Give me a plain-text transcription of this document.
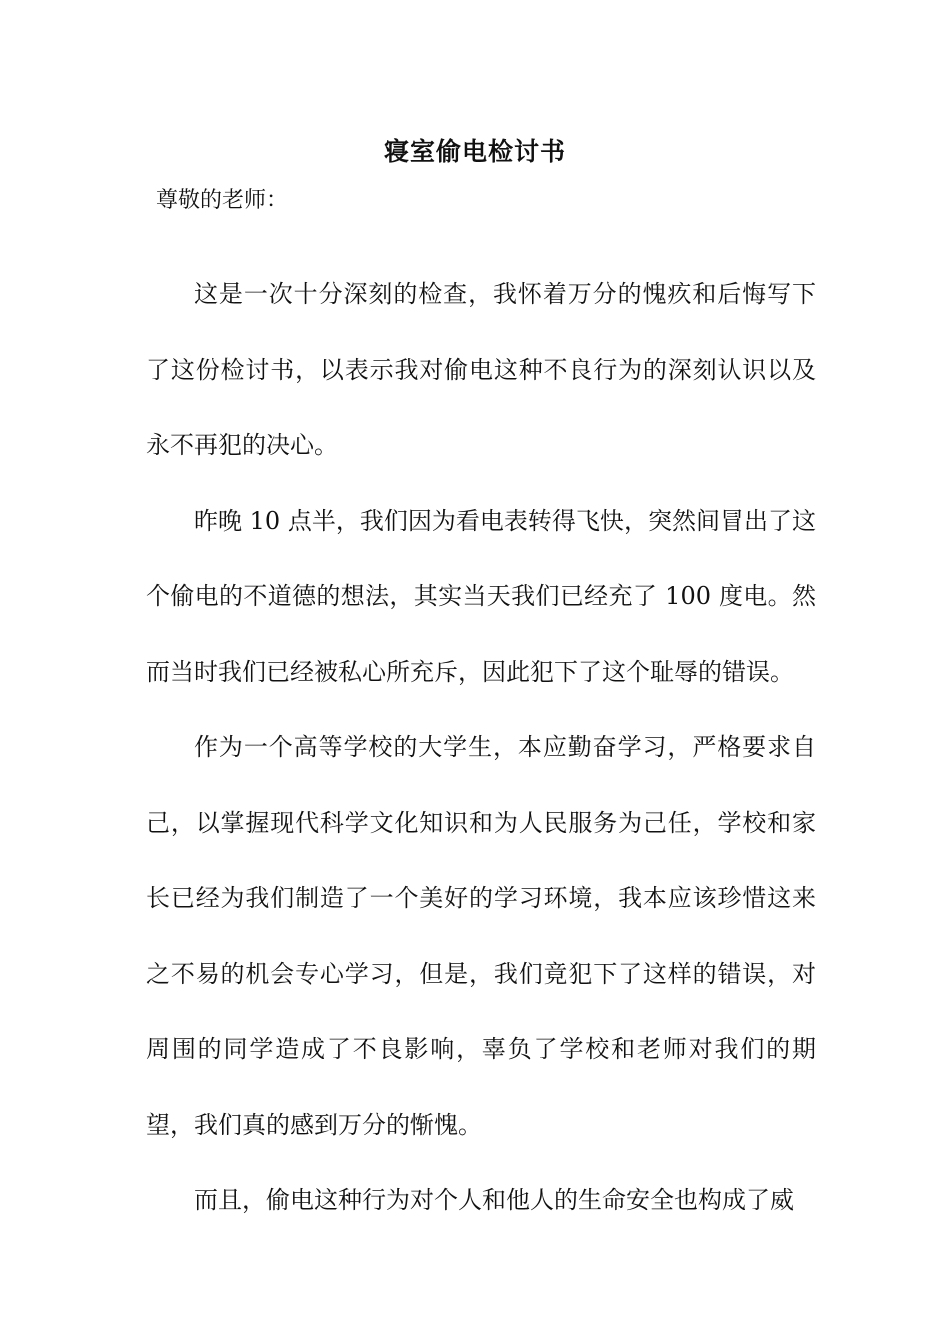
寝室偷电检讨书

尊敬的老师：

这是一次十分深刻的检查，我怀着万分的愧疚和后悔写下了这份检讨书，以表示我对偷电这种不良行为的深刻认识以及永不再犯的决心。

昨晚 10 点半，我们因为看电表转得飞快，突然间冒出了这个偷电的不道德的想法，其实当天我们已经充了 100 度电。然而当时我们已经被私心所充斥，因此犯下了这个耻辱的错误。

作为一个高等学校的大学生，本应勤奋学习，严格要求自己，以掌握现代科学文化知识和为人民服务为己任，学校和家长已经为我们制造了一个美好的学习环境，我本应该珍惜这来之不易的机会专心学习，但是，我们竟犯下了这样的错误，对周围的同学造成了不良影响，辜负了学校和老师对我们的期望，我们真的感到万分的惭愧。

而且，偷电这种行为对个人和他人的生命安全也构成了威
